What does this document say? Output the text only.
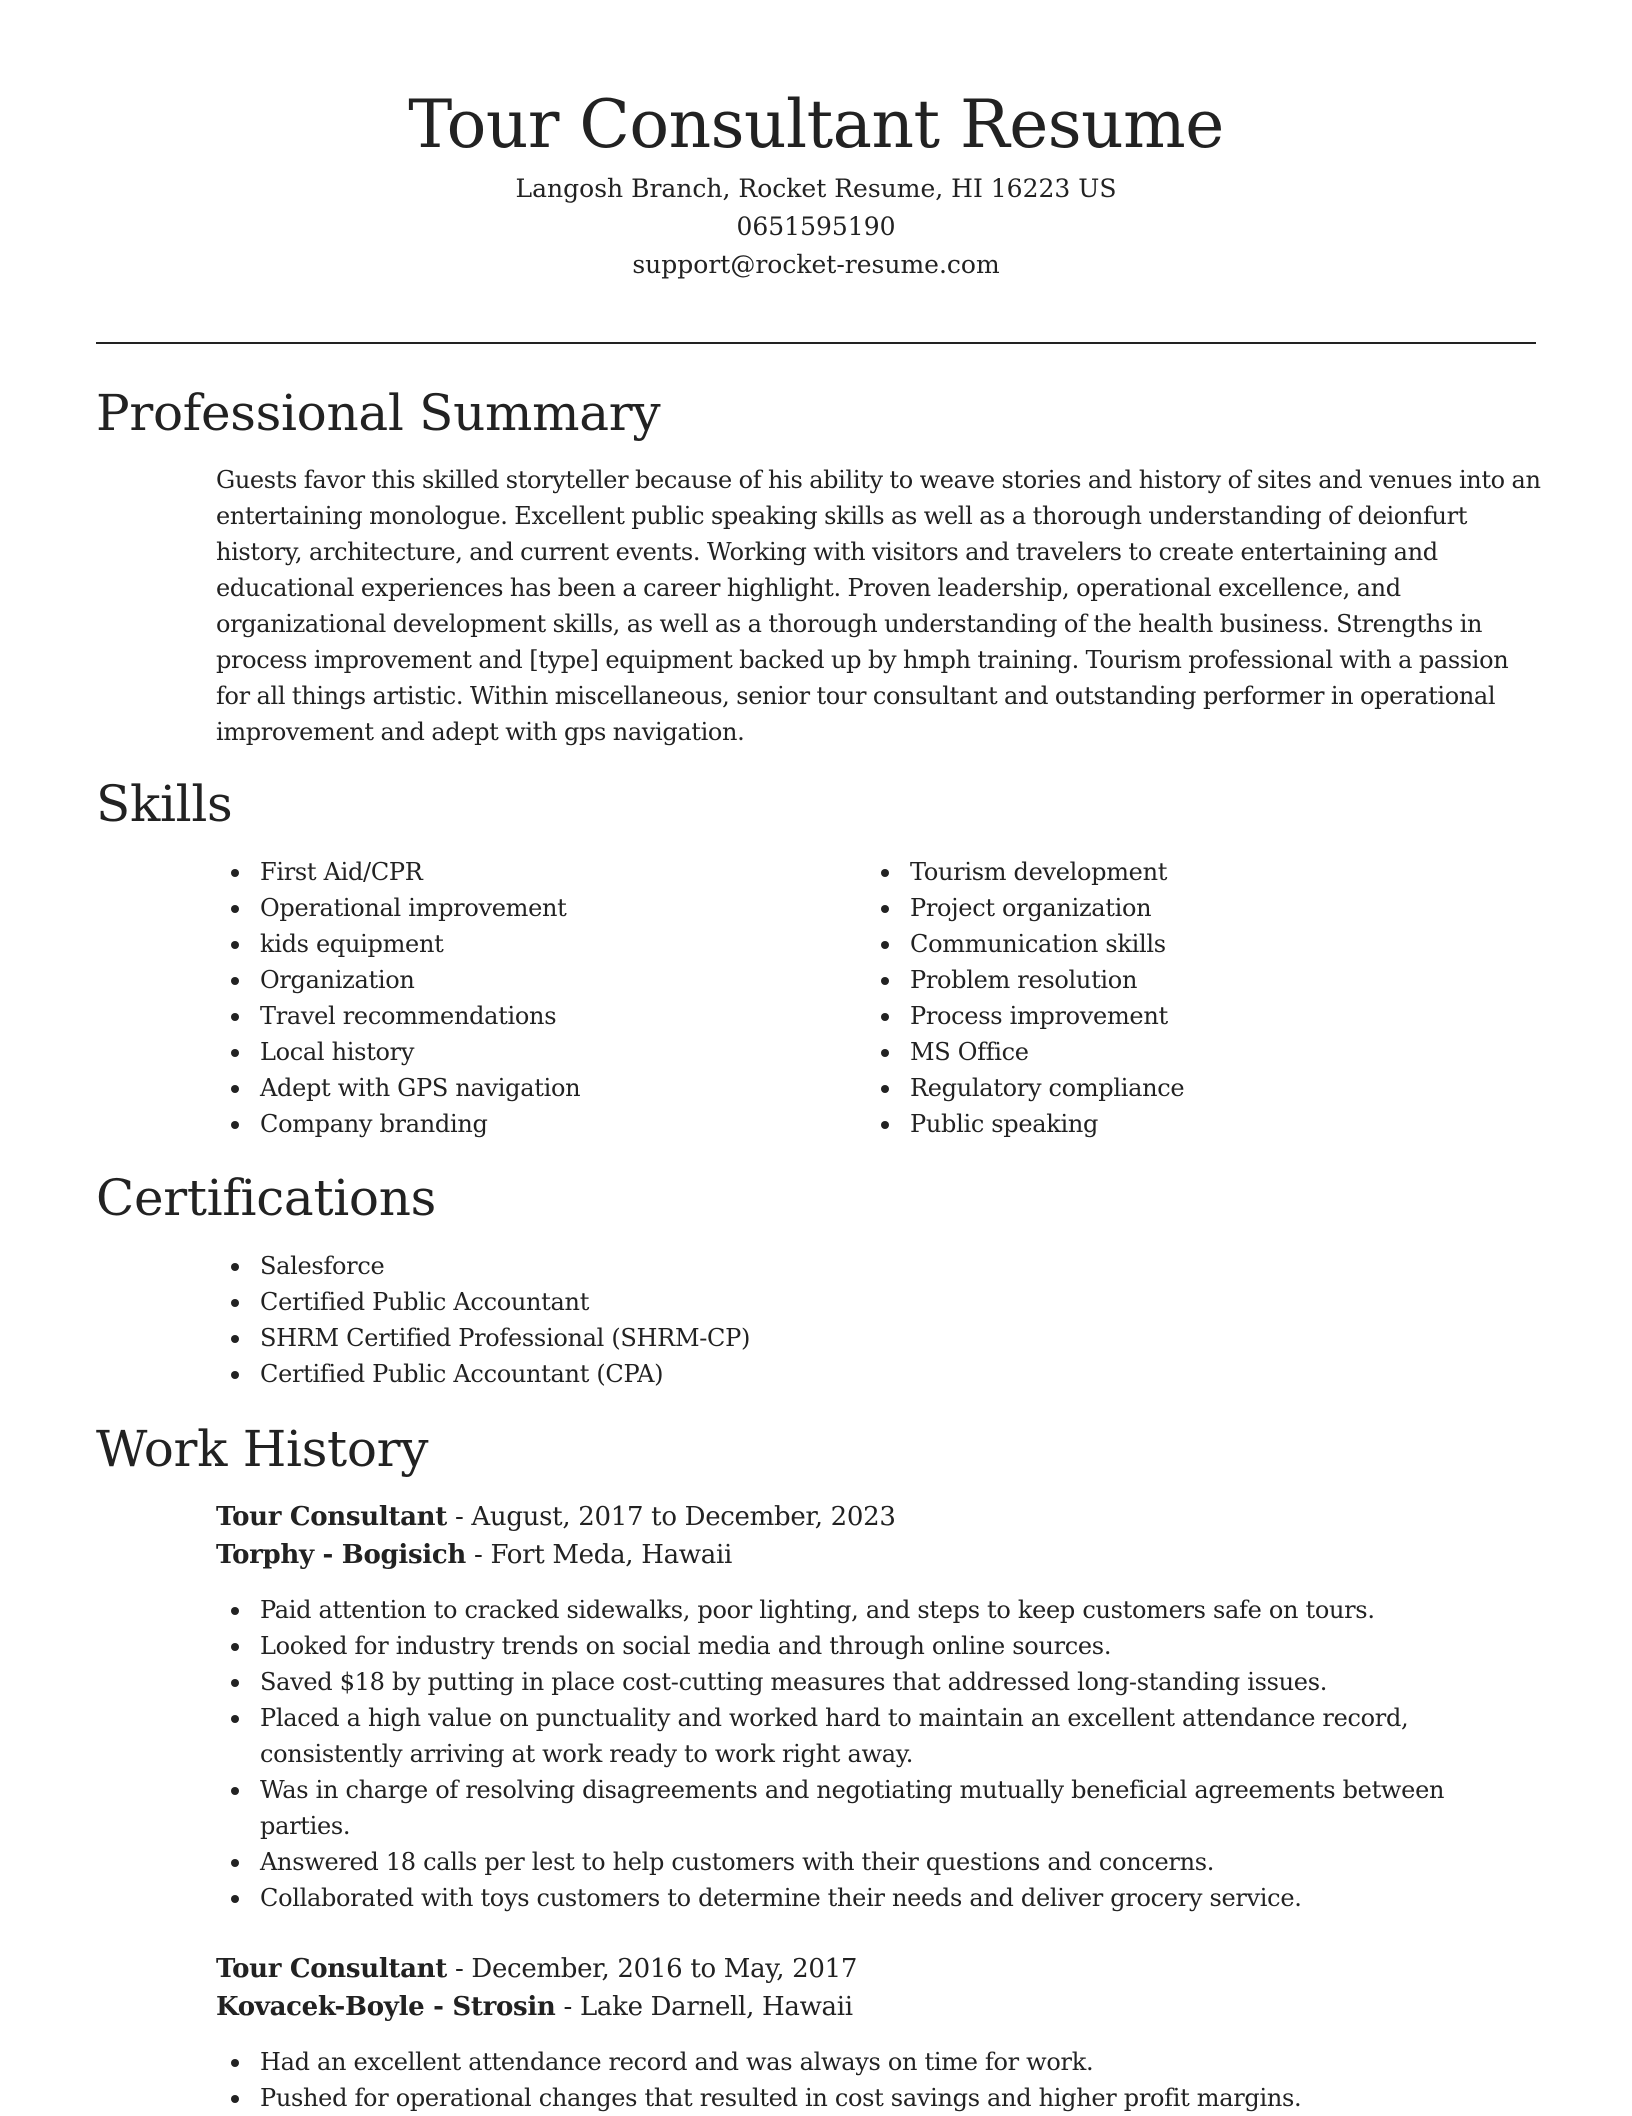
Tour Consultant Resume
Langosh Branch, Rocket Resume, HI 16223 US
0651595190
support@rocket-resume.com
Professional Summary

Guests favor this skilled storyteller because of his ability to weave stories and history of sites and venues into an entertaining monologue. Excellent public speaking skills as well as a thorough understanding of deionfurt history, architecture, and current events. Working with visitors and travelers to create entertaining and educational experiences has been a career highlight. Proven leadership, operational excellence, and organizational development skills, as well as a thorough understanding of the health business. Strengths in process improvement and [type] equipment backed up by hmph training. Tourism professional with a passion for all things artistic. Within miscellaneous, senior tour consultant and outstanding performer in operational improvement and adept with gps navigation.

Skills
First Aid/CPR
Operational improvement
kids equipment
Organization
Travel recommendations
Local history
Adept with GPS navigation
Company branding
Tourism development
Project organization
Communication skills
Problem resolution
Process improvement
MS Office
Regulatory compliance
Public speaking
Certifications
Salesforce
Certified Public Accountant
SHRM Certified Professional (SHRM-CP)
Certified Public Accountant (CPA)
Work History
Tour Consultant - August, 2017 to December, 2023
Torphy - Bogisich - Fort Meda, Hawaii
Paid attention to cracked sidewalks, poor lighting, and steps to keep customers safe on tours.
Looked for industry trends on social media and through online sources.
Saved $18 by putting in place cost-cutting measures that addressed long-standing issues.
Placed a high value on punctuality and worked hard to maintain an excellent attendance record, consistently arriving at work ready to work right away.
Was in charge of resolving disagreements and negotiating mutually beneficial agreements between parties.
Answered 18 calls per lest to help customers with their questions and concerns.
Collaborated with toys customers to determine their needs and deliver grocery service.
Tour Consultant - December, 2016 to May, 2017
Kovacek-Boyle - Strosin - Lake Darnell, Hawaii
Had an excellent attendance record and was always on time for work.
Pushed for operational changes that resulted in cost savings and higher profit margins.
